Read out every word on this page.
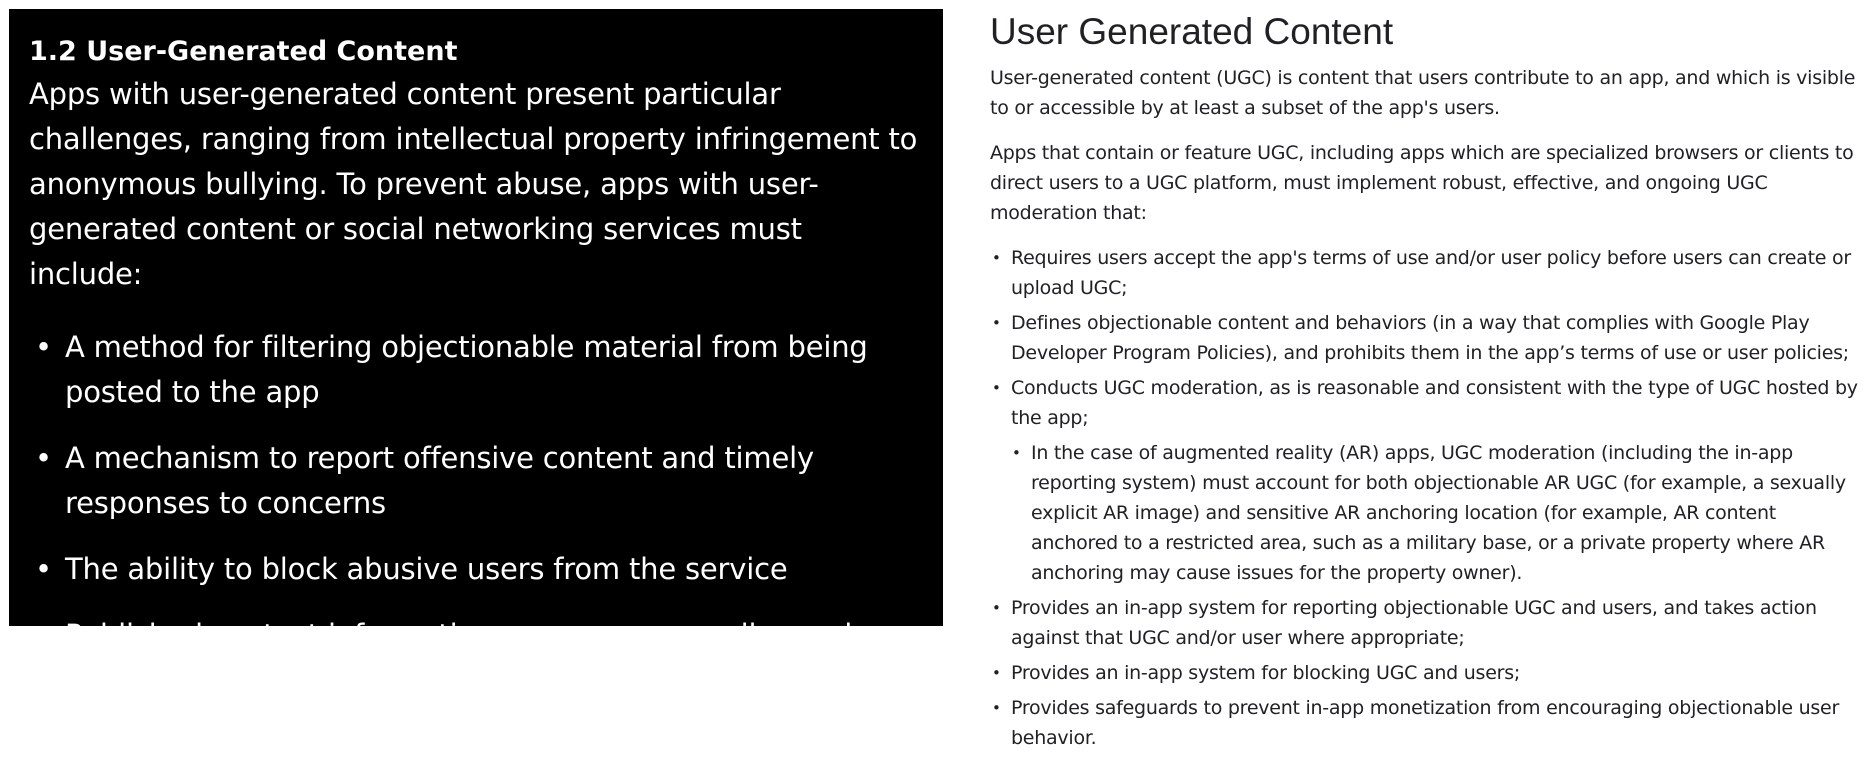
1.2 User-Generated Content

Apps with user-generated content present particular challenges, ranging from intellectual property infringement to anonymous bullying. To prevent abuse, apps with user-generated content or social networking services must include:

• A method for filtering objectionable material from being posted to the app
• A mechanism to report offensive content and timely responses to concerns
• The ability to block abusive users from the service
• Published contact information so users can easily reach you
User Generated Content

User-generated content (UGC) is content that users contribute to an app, and which is visible to or accessible by at least a subset of the app's users.

Apps that contain or feature UGC, including apps which are specialized browsers or clients to direct users to a UGC platform, must implement robust, effective, and ongoing UGC moderation that:

• Requires users accept the app's terms of use and/or user policy before users can create or upload UGC;
• Defines objectionable content and behaviors (in a way that complies with Google Play Developer Program Policies), and prohibits them in the app’s terms of use or user policies;
• Conducts UGC moderation, as is reasonable and consistent with the type of UGC hosted by the app;
• In the case of augmented reality (AR) apps, UGC moderation (including the in-app reporting system) must account for both objectionable AR UGC (for example, a sexually explicit AR image) and sensitive AR anchoring location (for example, AR content anchored to a restricted area, such as a military base, or a private property where AR anchoring may cause issues for the property owner).
• Provides an in-app system for reporting objectionable UGC and users, and takes action against that UGC and/or user where appropriate;
• Provides an in-app system for blocking UGC and users;
• Provides safeguards to prevent in-app monetization from encouraging objectionable user behavior.
